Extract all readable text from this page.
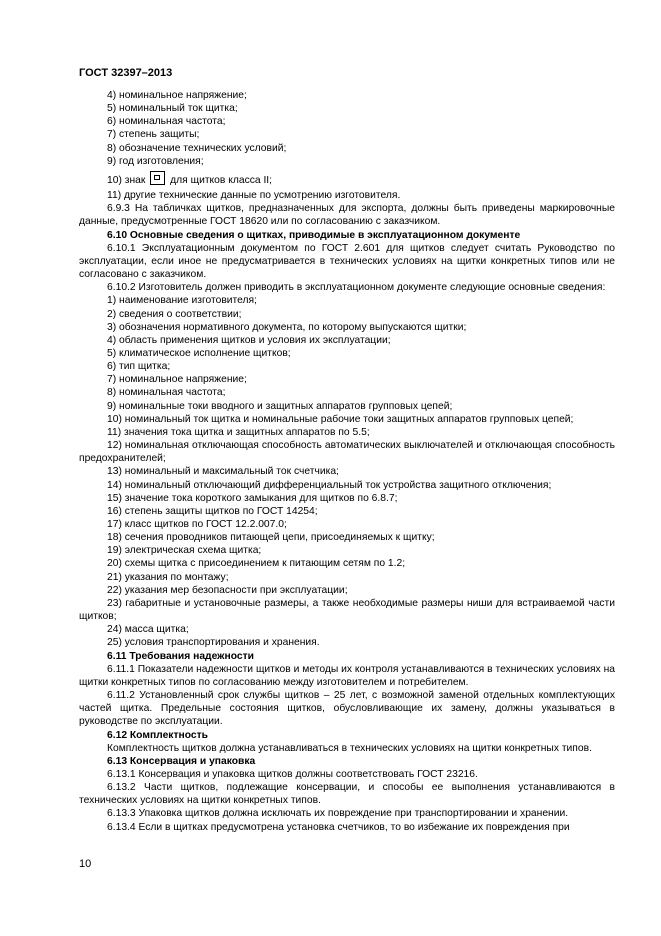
ГОСТ 32397–2013

4) номинальное напряжение;

5) номинальный ток щитка;

6) номинальная частота;

7) степень защиты;

8) обозначение технических условий;

9) год изготовления;

10) знак для щитков класса II;

11) другие технические данные по усмотрению изготовителя.

6.9.3 На табличках щитков, предназначенных для экспорта, должны быть приведены маркировочные данные, предусмотренные ГОСТ 18620 или по согласованию с заказчиком.

6.10 Основные сведения о щитках, приводимые в эксплуатационном документе

6.10.1 Эксплуатационным документом по ГОСТ 2.601 для щитков следует считать Руководство по эксплуатации, если иное не предусматривается в технических условиях на щитки конкретных типов или не согласовано с заказчиком.

6.10.2 Изготовитель должен приводить в эксплуатационном документе следующие основные сведения:

1) наименование изготовителя;

2) сведения о соответствии;

3) обозначения нормативного документа, по которому выпускаются щитки;

4) область применения щитков и условия их эксплуатации;

5) климатическое исполнение щитков;

6) тип щитка;

7) номинальное напряжение;

8) номинальная частота;

9) номинальные токи вводного и защитных аппаратов групповых цепей;

10) номинальный ток щитка и номинальные рабочие токи защитных аппаратов групповых цепей;

11) значения тока щитка и защитных аппаратов по 5.5;

12) номинальная отключающая способность автоматических выключателей и отключающая способность предохранителей;

13) номинальный и максимальный ток счетчика;

14) номинальный отключающий дифференциальный ток устройства защитного отключения;

15) значение тока короткого замыкания для щитков по 6.8.7;

16) степень защиты щитков по ГОСТ 14254;

17) класс щитков по ГОСТ 12.2.007.0;

18) сечения проводников питающей цепи, присоединяемых к щитку;

19) электрическая схема щитка;

20) схемы щитка с присоединением к питающим сетям по 1.2;

21) указания по монтажу;

22) указания мер безопасности при эксплуатации;

23) габаритные и установочные размеры, а также необходимые размеры ниши для встраиваемой части щитков;

24) масса щитка;

25) условия транспортирования и хранения.

6.11 Требования надежности

6.11.1 Показатели надежности щитков и методы их контроля устанавливаются в технических условиях на щитки конкретных типов по согласованию между изготовителем и потребителем.

6.11.2 Установленный срок службы щитков – 25 лет, с возможной заменой отдельных комплектующих частей щитка. Предельные состояния щитков, обусловливающие их замену, должны указываться в руководстве по эксплуатации.

6.12 Комплектность

Комплектность щитков должна устанавливаться в технических условиях на щитки конкретных типов.

6.13 Консервация и упаковка

6.13.1 Консервация и упаковка щитков должны соответствовать ГОСТ 23216.

6.13.2 Части щитков, подлежащие консервации, и способы ее выполнения устанавливаются в технических условиях на щитки конкретных типов.

6.13.3 Упаковка щитков должна исключать их повреждение при транспортировании и хранении.

6.13.4 Если в щитках предусмотрена установка счетчиков, то во избежание их повреждения при

10
